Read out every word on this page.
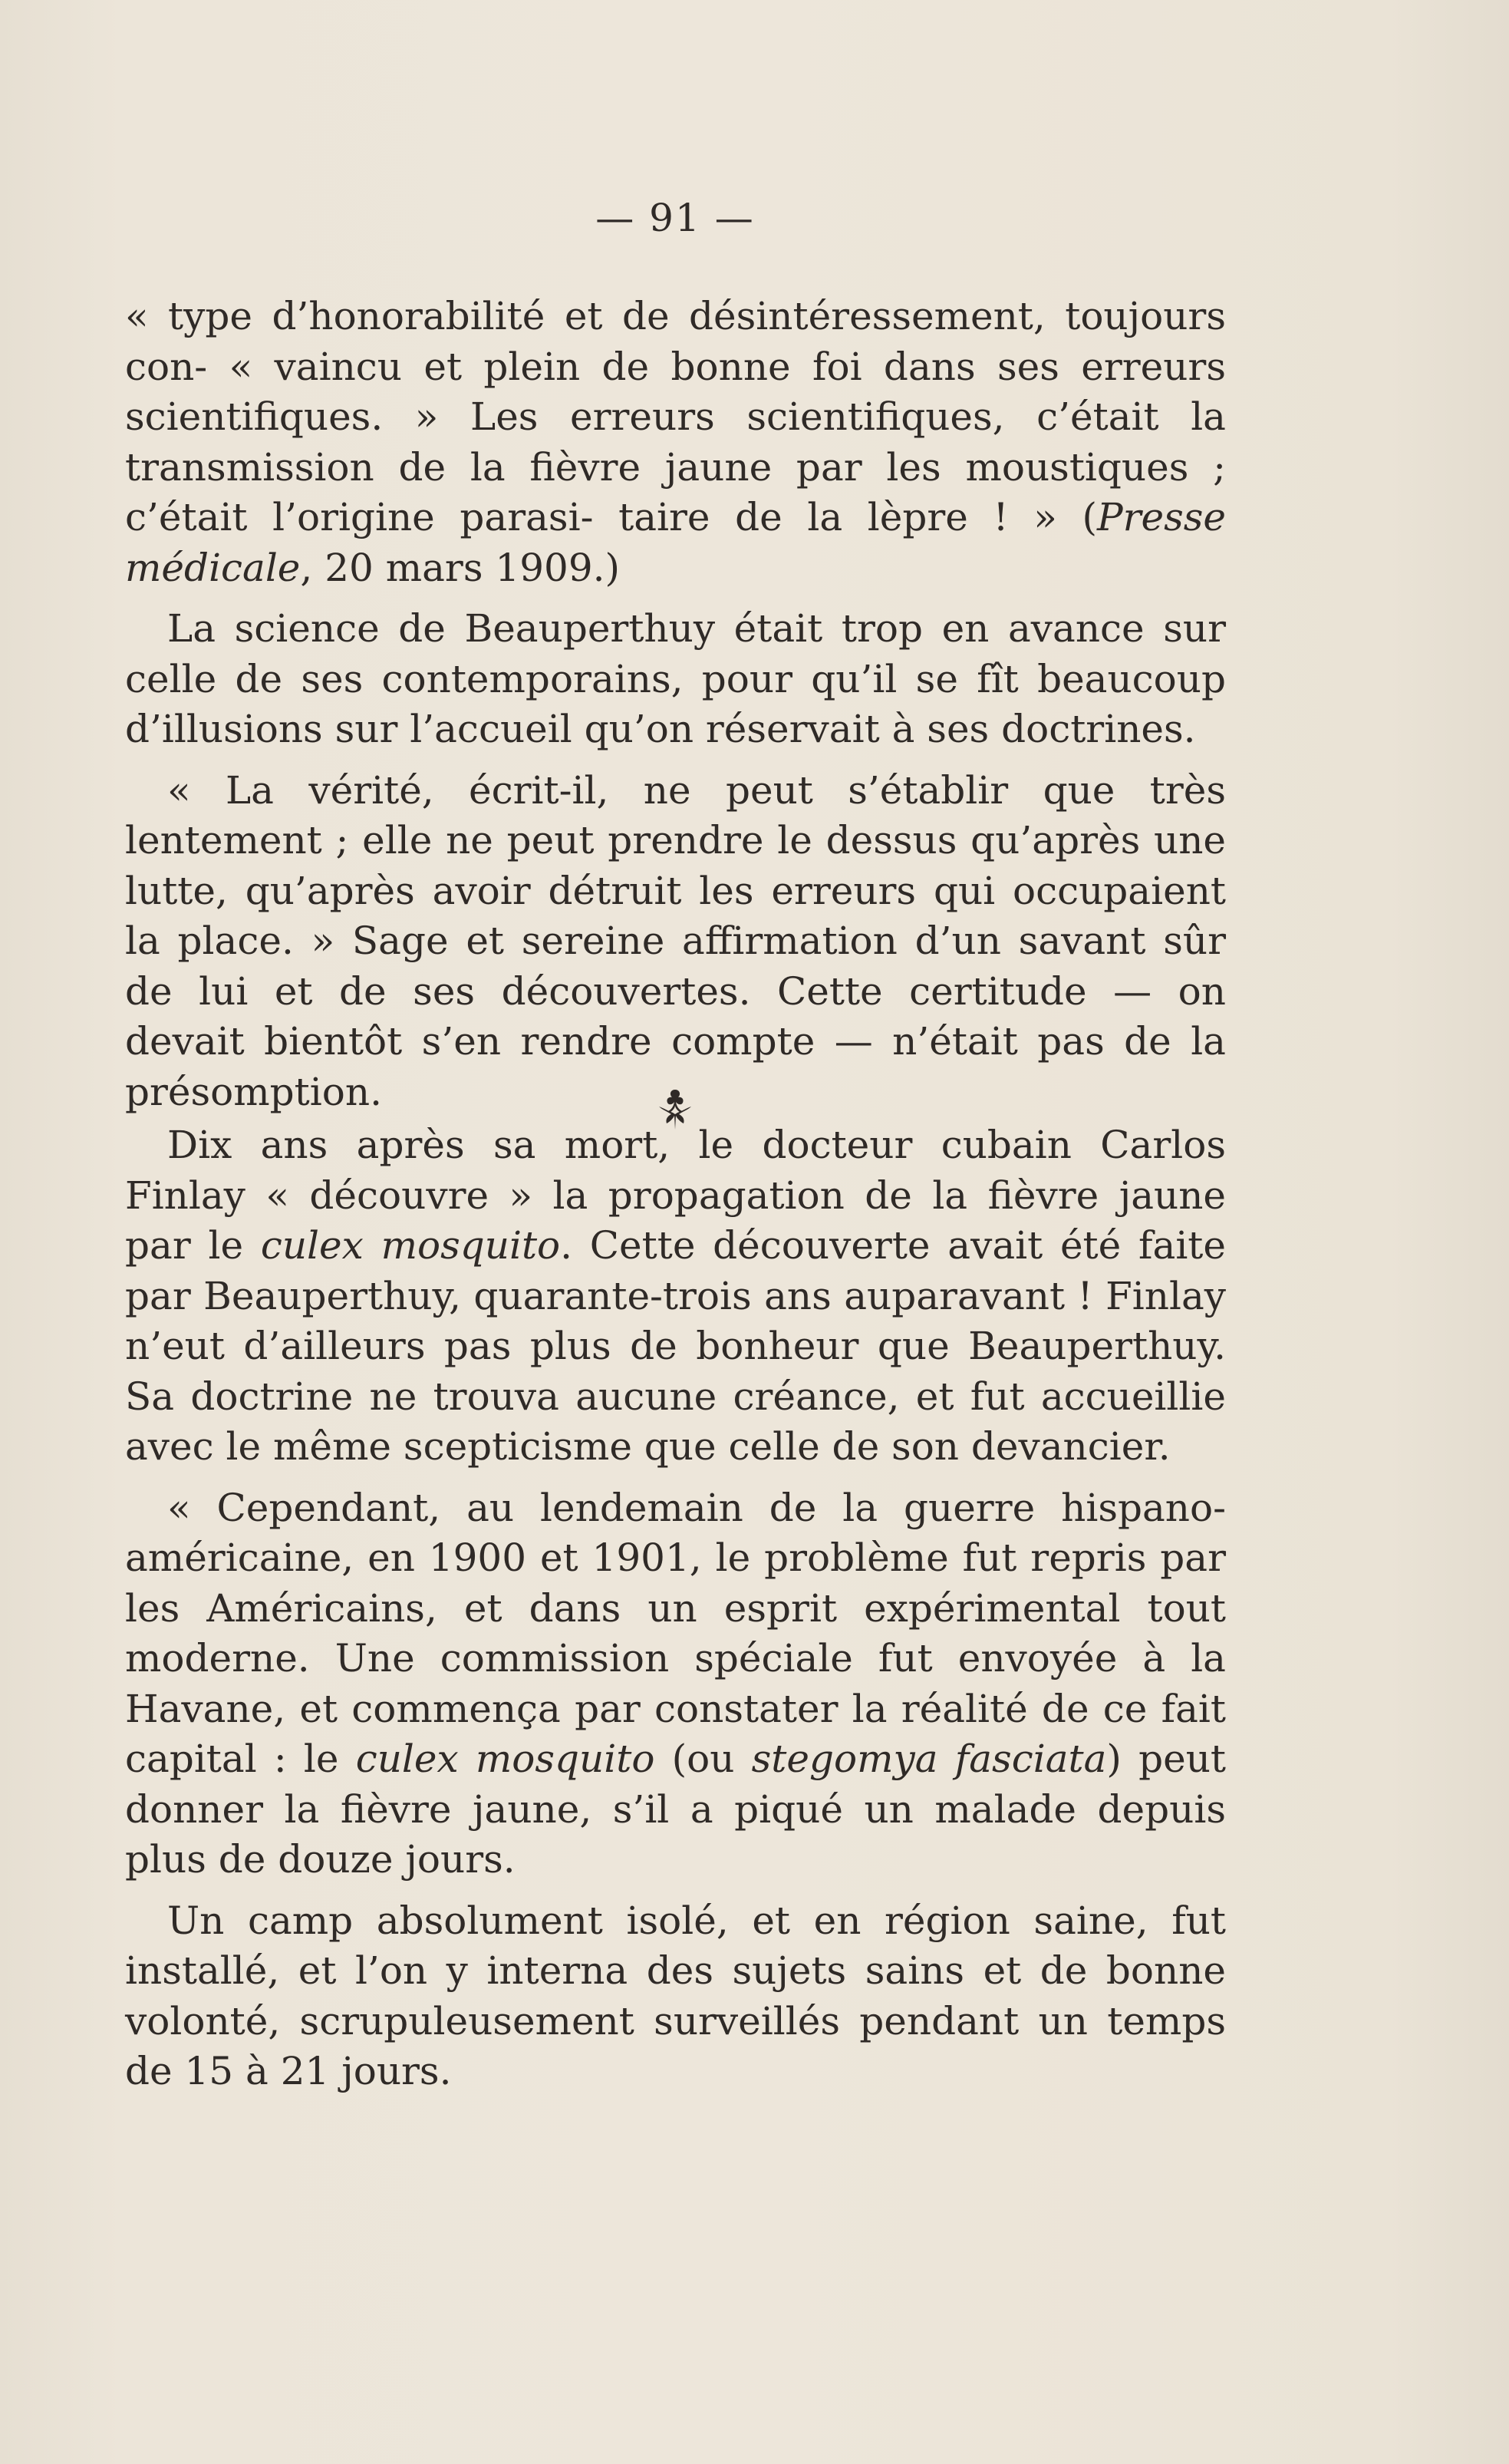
— 91 —

« type d’honorabilité et de désintéressement, toujours con- « vaincu et plein de bonne foi dans ses erreurs scientifiques. » Les erreurs scientifiques, c’était la transmission de la fièvre jaune par les moustiques ; c’était l’origine parasi- taire de la lèpre ! » (Presse médicale, 20 mars 1909.)

La science de Beauperthuy était trop en avance sur celle de ses contemporains, pour qu’il se fît beaucoup d’illusions sur l’accueil qu’on réservait à ses doctrines.

« La vérité, écrit-il, ne peut s’établir que très lentement ; elle ne peut prendre le dessus qu’après une lutte, qu’après avoir détruit les erreurs qui occupaient la place. » Sage et sereine affirmation d’un savant sûr de lui et de ses découvertes. Cette certitude — on devait bientôt s’en rendre compte — n’était pas de la présomption.

Dix ans après sa mort, le docteur cubain Carlos Finlay « découvre » la propagation de la fièvre jaune par le culex mosquito. Cette découverte avait été faite par Beauperthuy, quarante-trois ans auparavant ! Finlay n’eut d’ailleurs pas plus de bonheur que Beauperthuy. Sa doctrine ne trouva aucune créance, et fut accueillie avec le même scepticisme que celle de son devancier.

« Cependant, au lendemain de la guerre hispano-américaine, en 1900 et 1901, le problème fut repris par les Américains, et dans un esprit expérimental tout moderne. Une commission spéciale fut envoyée à la Havane, et commença par constater la réalité de ce fait capital : le culex mosquito (ou stegomya fasciata) peut donner la fièvre jaune, s’il a piqué un malade depuis plus de douze jours.

Un camp absolument isolé, et en région saine, fut installé, et l’on y interna des sujets sains et de bonne volonté, scrupuleusement surveillés pendant un temps de 15 à 21 jours.
